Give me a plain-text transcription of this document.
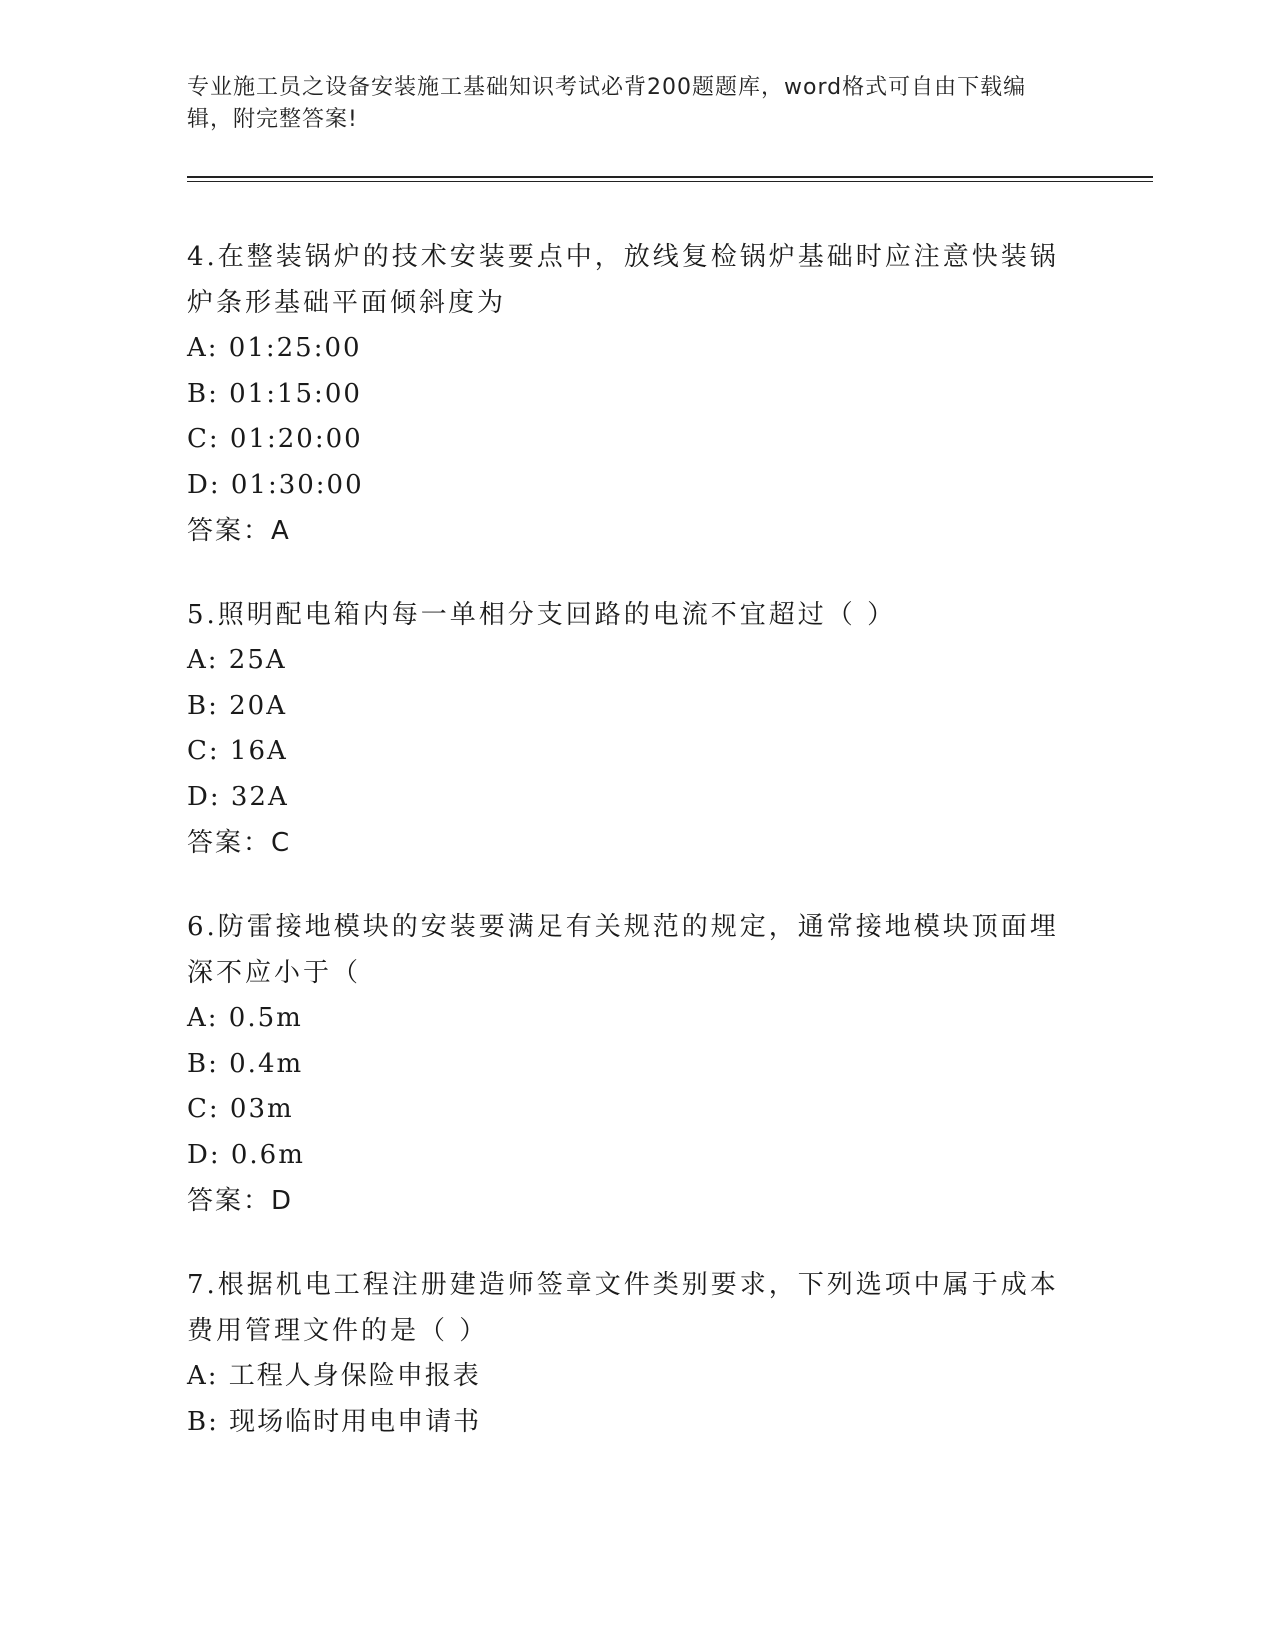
专业施工员之设备安装施工基础知识考试必背200题题库，word格式可自由下载编辑，附完整答案!

4.在整装锅炉的技术安装要点中，放线复检锅炉基础时应注意快装锅炉条形基础平面倾斜度为

A: 01:25:00

B: 01:15:00

C: 01:20:00

D: 01:30:00

答案：A

5.照明配电箱内每一单相分支回路的电流不宜超过（ ）

A: 25A

B: 20A

C: 16A

D: 32A

答案：C

6.防雷接地模块的安装要满足有关规范的规定，通常接地模块顶面埋深不应小于（

A: 0.5m

B: 0.4m

C: 03m

D: 0.6m

答案：D

7.根据机电工程注册建造师签章文件类别要求，下列选项中属于成本费用管理文件的是（ ）

A: 工程人身保险申报表

B: 现场临时用电申请书
